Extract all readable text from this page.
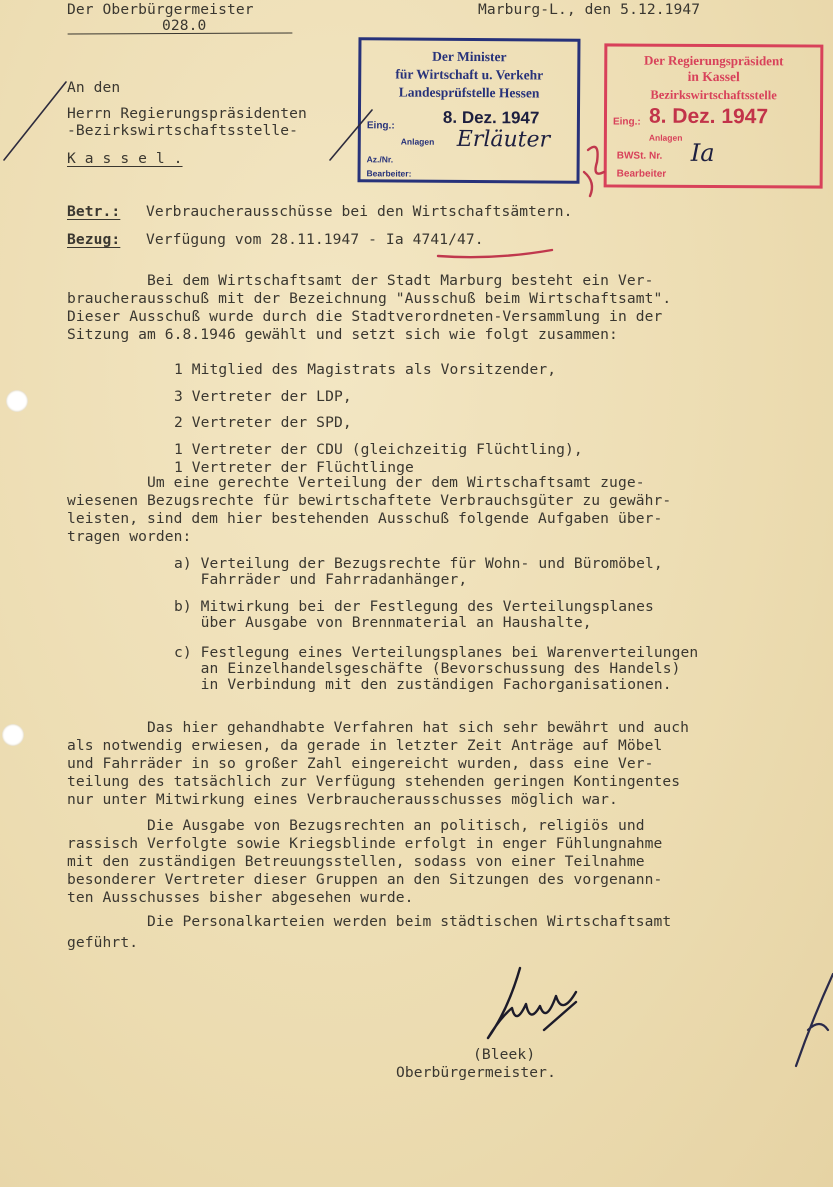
Der Oberbürgermeister
028.0
Marburg-L., den 5.12.1947
An den
Herrn Regierungspräsidenten
-Bezirkswirtschaftsstelle-
K a s s e l .
Der Minister
für Wirtschaft u. Verkehr
Landesprüfstelle Hessen
Eing.:	8. Dez. 1947
Anlagen Erläuter
Az./Nr.
Bearbeiter:
Der Regierungspräsident
in Kassel
Bezirkswirtschaftsstelle
Eing.: 8. Dez. 1947
Anlagen
BWSt. Nr. Ia
Bearbeiter
Betr.: Verbraucherausschüsse bei den Wirtschaftsämtern.
Bezug: Verfügung vom 28.11.1947 - Ia 4741/47.
Bei dem Wirtschaftsamt der Stadt Marburg besteht ein Ver-
braucherausschuß mit der Bezeichnung "Ausschuß beim Wirtschaftsamt".
Dieser Ausschuß wurde durch die Stadtverordneten-Versammlung in der
Sitzung am 6.8.1946 gewählt und setzt sich wie folgt zusammen:
1 Mitglied des Magistrats als Vorsitzender,
3 Vertreter der LDP,
2 Vertreter der SPD,
1 Vertreter der CDU (gleichzeitig Flüchtling),
1 Vertreter der Flüchtlinge
Um eine gerechte Verteilung der dem Wirtschaftsamt zuge-
wiesenen Bezugsrechte für bewirtschaftete Verbrauchsgüter zu gewähr-
leisten, sind dem hier bestehenden Ausschuß folgende Aufgaben über-
tragen worden:
a) Verteilung der Bezugsrechte für Wohn- und Büromöbel,
Fahrräder und Fahrradanhänger,
b) Mitwirkung bei der Festlegung des Verteilungsplanes
über Ausgabe von Brennmaterial an Haushalte,
c) Festlegung eines Verteilungsplanes bei Warenverteilungen
an Einzelhandelsgeschäfte (Bevorschussung des Handels)
in Verbindung mit den zuständigen Fachorganisationen.
Das hier gehandhabte Verfahren hat sich sehr bewährt und auch
als notwendig erwiesen, da gerade in letzter Zeit Anträge auf Möbel
und Fahrräder in so großer Zahl eingereicht wurden, dass eine Ver-
teilung des tatsächlich zur Verfügung stehenden geringen Kontingentes
nur unter Mitwirkung eines Verbraucherausschusses möglich war.
Die Ausgabe von Bezugsrechten an politisch, religiös und
rassisch Verfolgte sowie Kriegsblinde erfolgt in enger Fühlungnahme
mit den zuständigen Betreuungsstellen, sodass von einer Teilnahme
besonderer Vertreter dieser Gruppen an den Sitzungen des vorgenann-
ten Ausschusses bisher abgesehen wurde.
Die Personalkarteien werden beim städtischen Wirtschaftsamt
geführt.
(Bleek)
Oberbürgermeister.
